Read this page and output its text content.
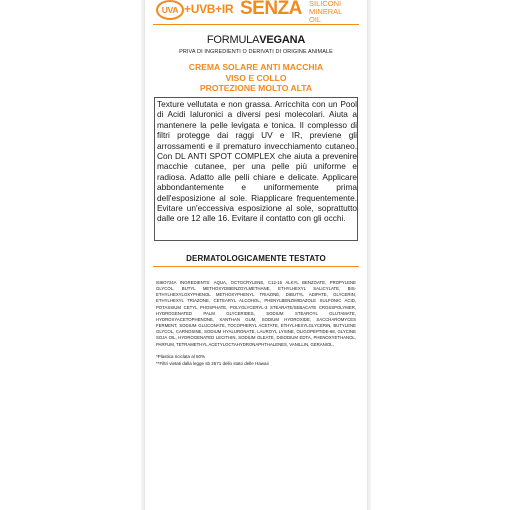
UVA +UVB+IR SENZA SILICONI
MINERAL OIL
FORMULAVEGANA
PRIVA DI INGREDIENTI O DERIVATI DI ORIGINE ANIMALE
CREMA SOLARE ANTI MACCHIA
VISO E COLLO
PROTEZIONE MOLTO ALTA
Texture vellutata e non grassa. Arricchita con un Pool di Acidi Ialuronici a diversi pesi molecolari. Aiuta a mantenere la pelle levigata e tonica. Il complesso di filtri protegge dai raggi UV e IR, previene gli arrossamenti e il prematuro invecchiamento cutaneo. Con DL ANTI SPOT COMPLEX che aiuta a prevenire macchie cutanee, per una pelle più uniforme e radiosa. Adatto alle pelli chiare e delicate. Applicare abbondantemente e uniformemente prima dell'esposizione al sole. Riapplicare frequentemente. Evitare un'eccessiva esposizione al sole, soprattutto dalle ore 12 alle 16. Evitare il contatto con gli occhi.
DERMATOLOGICAMENTE TESTATO
I6I6O724A INGREDIENTS: AQUA, OCTOCRYLENE, C12-15 ALKYL BENZOATE, PROPYLENE GLYCOL, BUTYL METHOXYDIBENZOYLMETHANE, ETHYLHEXYL SALICYLATE, BIS-ETHYLHEXYLOXYPHENOL METHOXYPHENYL TRIAZINE, DIBUTYL ADIPATE, GLYCERIN, ETHYLHEXYL TRIAZONE, CETEARYL ALCOHOL, PHENYLBENZIMIDAZOLE SULFONIC ACID, POTASSIUM CETYL PHOSPHATE, POLYGLYCERYL-3 STEARATE/SEBACATE CROSSPOLYMER, HYDROGENATED PALM GLYCERIDES, SODIUM STEAROYL GLUTAMATE, HYDROXYACETOPHENONE, XANTHAN GUM, SODIUM HYDROXIDE, SACCHAROMYCES FERMENT, SODIUM GLUCONATE, TOCOPHERYL ACETATE, ETHYLHEXYLGLYCERIN, BUTYLENE GLYCOL, CARNOSINE, SODIUM HYALURONATE, LAUROYL LYSINE, OLIGOPEPTIDE-68, GLYCINE SOJA OIL, HYDROGENATED LECITHIN, SODIUM OLEATE, DISODIUM EDTA, PHENOXYETHANOL, PARFUM, TETRAMETHYL ACETYLOCTAHYDRONAPHTHALENES, VANILLIN, GERANIOL.
*Plastica riciclata al 50%
**Filtri vietati dalla legge sb 2571 dello stato delle Hawaii
